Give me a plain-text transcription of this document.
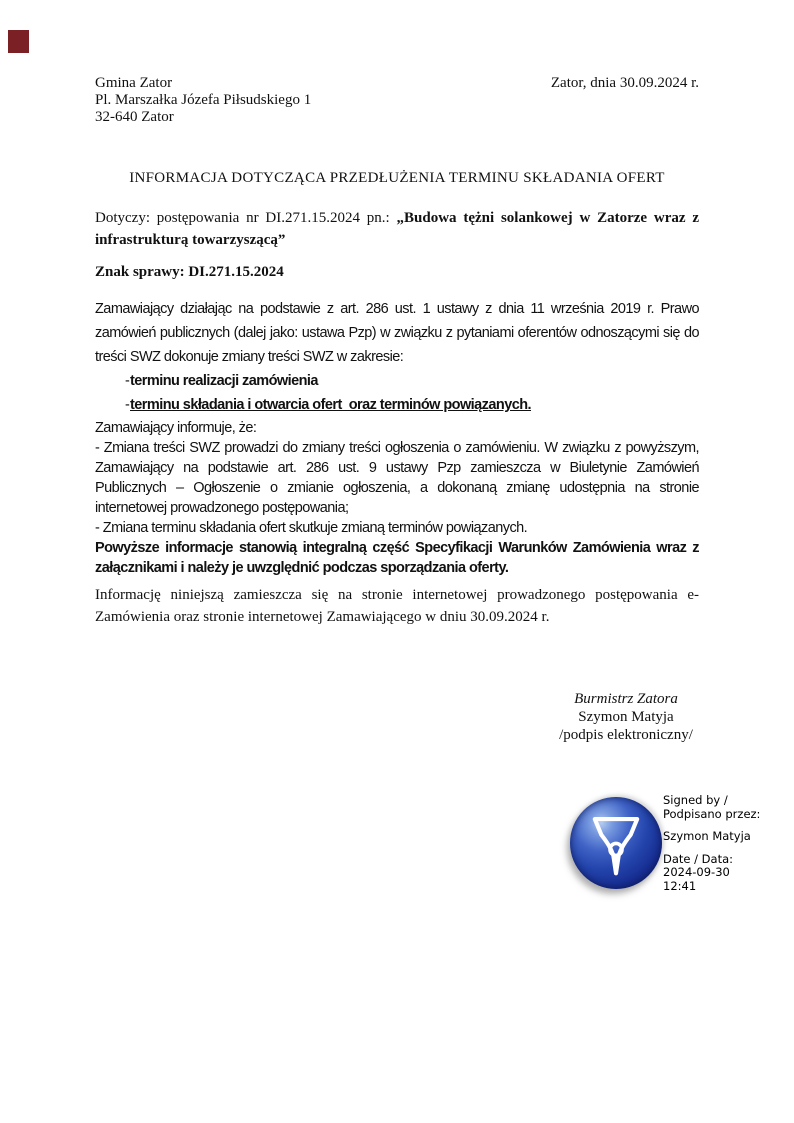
Gmina Zator
Pl. Marszałka Józefa Piłsudskiego 1
32-640 Zator
Zator, dnia 30.09.2024 r.
INFORMACJA DOTYCZĄCA PRZEDŁUŻENIA TERMINU SKŁADANIA OFERT
Dotyczy: postępowania nr DI.271.15.2024 pn.: „Budowa tężni solankowej w Zatorze wraz z infrastrukturą towarzyszącą”
Znak sprawy: DI.271.15.2024
Zamawiający działając na podstawie z art. 286 ust. 1 ustawy z dnia 11 września 2019 r. Prawo zamówień publicznych (dalej jako: ustawa Pzp) w związku z pytaniami oferentów odnoszącymi się do treści SWZ dokonuje zmiany treści SWZ w zakresie:
- terminu realizacji zamówienia
- terminu składania i otwarcia ofert  oraz terminów powiązanych.
Zamawiający informuje, że:
- Zmiana treści SWZ prowadzi do zmiany treści ogłoszenia o zamówieniu. W związku z powyższym, Zamawiający na podstawie art. 286 ust. 9 ustawy Pzp zamieszcza w Biuletynie Zamówień Publicznych – Ogłoszenie o zmianie ogłoszenia, a dokonaną zmianę udostępnia na stronie internetowej prowadzonego postępowania;
- Zmiana terminu składania ofert skutkuje zmianą terminów powiązanych.
Powyższe informacje stanowią integralną część Specyfikacji Warunków Zamówienia wraz z załącznikami i należy je uwzględnić podczas sporządzania oferty.
Informację niniejszą zamieszcza się na stronie internetowej prowadzonego postępowania e-Zamówienia oraz stronie internetowej Zamawiającego w dniu 30.09.2024 r.
Burmistrz Zatora
Szymon Matyja
/podpis elektroniczny/
Signed by /
Podpisano przez:
Szymon Matyja
Date / Data:
2024-09-30
12:41
